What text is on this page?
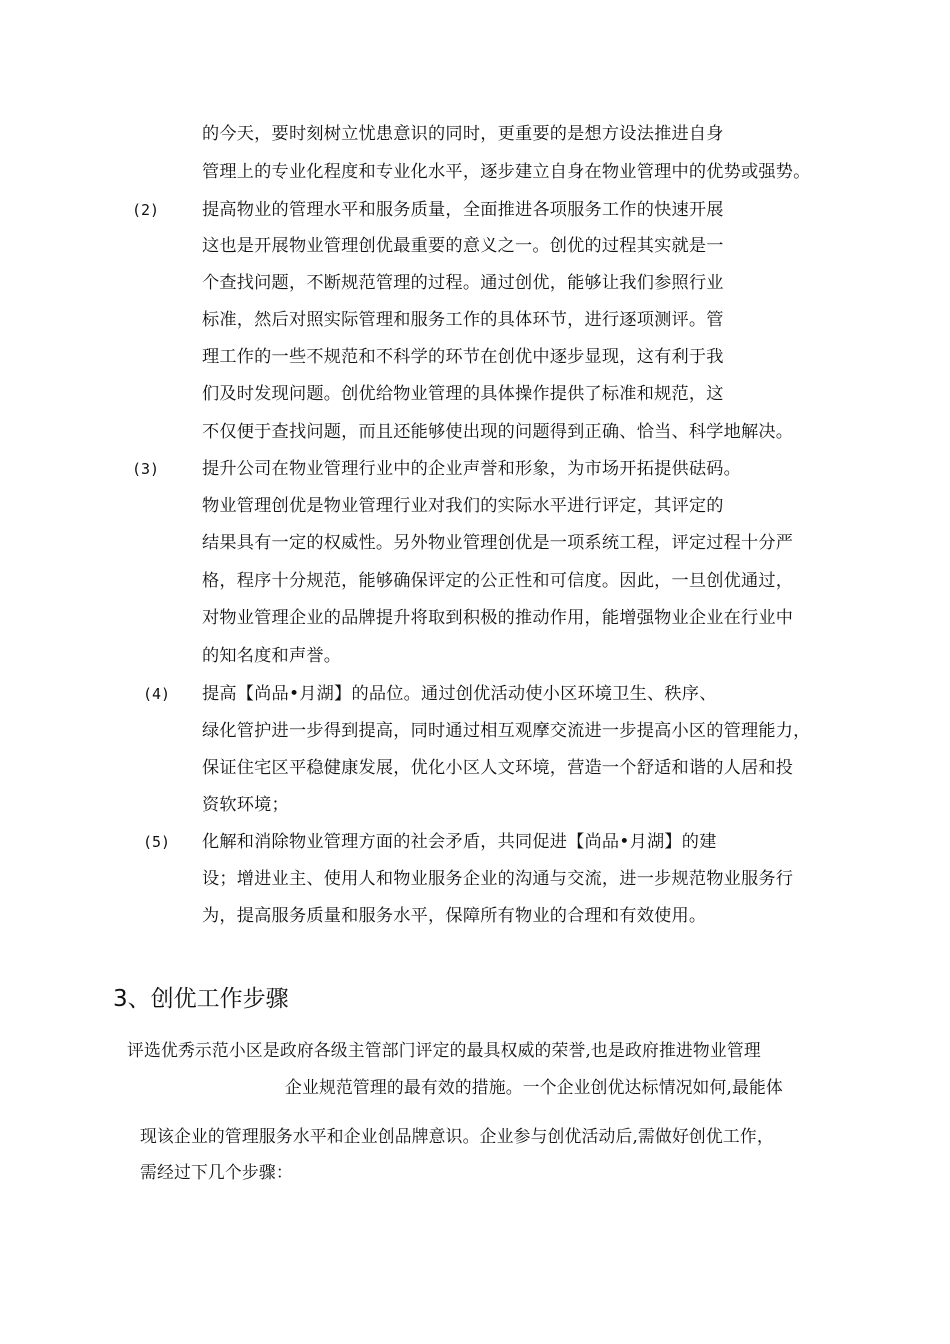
的今天，要时刻树立忧患意识的同时，更重要的是想方设法推进自身
管理上的专业化程度和专业化水平，逐步建立自身在物业管理中的优势或强势。
(2) 提高物业的管理水平和服务质量，全面推进各项服务工作的快速开展
这也是开展物业管理创优最重要的意义之一。创优的过程其实就是一
个查找问题，不断规范管理的过程。通过创优，能够让我们参照行业
标准，然后对照实际管理和服务工作的具体环节，进行逐项测评。管
理工作的一些不规范和不科学的环节在创优中逐步显现，这有利于我
们及时发现问题。创优给物业管理的具体操作提供了标准和规范，这
不仅便于查找问题，而且还能够使出现的问题得到正确、恰当、科学地解决。
(3) 提升公司在物业管理行业中的企业声誉和形象，为市场开拓提供砝码。
物业管理创优是物业管理行业对我们的实际水平进行评定，其评定的
结果具有一定的权威性。另外物业管理创优是一项系统工程，评定过程十分严
格，程序十分规范，能够确保评定的公正性和可信度。因此，一旦创优通过，
对物业管理企业的品牌提升将取到积极的推动作用，能增强物业企业在行业中
的知名度和声誉。
(4) 提高【尚品•月湖】的品位。通过创优活动使小区环境卫生、秩序、
绿化管护进一步得到提高，同时通过相互观摩交流进一步提高小区的管理能力，
保证住宅区平稳健康发展，优化小区人文环境，营造一个舒适和谐的人居和投
资软环境；
(5) 化解和消除物业管理方面的社会矛盾，共同促进【尚品•月湖】的建
设；增进业主、使用人和物业服务企业的沟通与交流，进一步规范物业服务行
为，提高服务质量和服务水平，保障所有物业的合理和有效使用。
3、创优工作步骤
评选优秀示范小区是政府各级主管部门评定的最具权威的荣誉,也是政府推进物业管理
企业规范管理的最有效的措施。一个企业创优达标情况如何,最能体
现该企业的管理服务水平和企业创品牌意识。企业参与创优活动后,需做好创优工作，
需经过下几个步骤：
